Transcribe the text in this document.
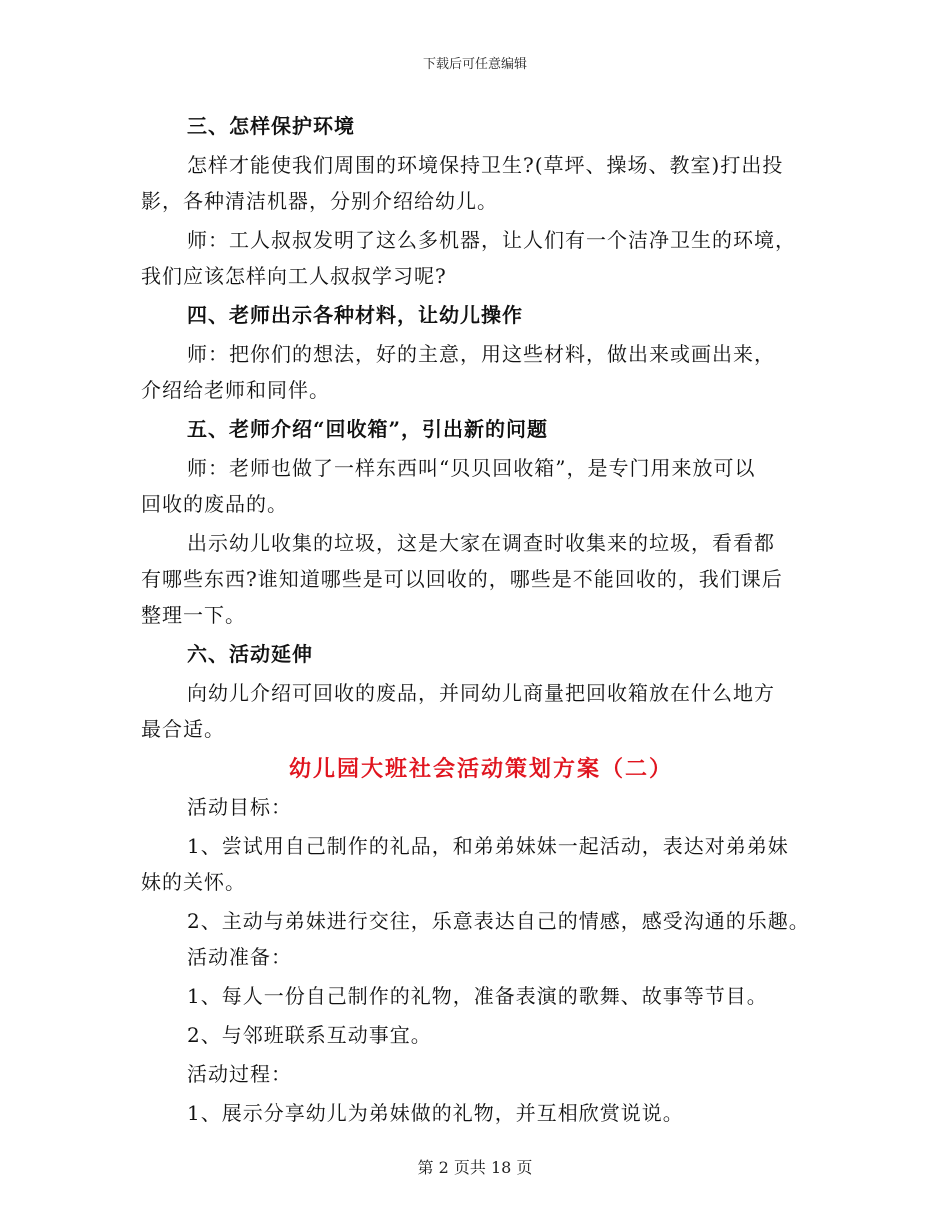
下载后可任意编辑

三、怎样保护环境

怎样才能使我们周围的环境保持卫生?(草坪、操场、教室)打出投

影，各种清洁机器，分别介绍给幼儿。

师：工人叔叔发明了这么多机器，让人们有一个洁净卫生的环境，

我们应该怎样向工人叔叔学习呢?

四、老师出示各种材料，让幼儿操作

师：把你们的想法，好的主意，用这些材料，做出来或画出来，

介绍给老师和同伴。

五、老师介绍“回收箱”，引出新的问题

师：老师也做了一样东西叫“贝贝回收箱”，是专门用来放可以

回收的废品的。

出示幼儿收集的垃圾，这是大家在调查时收集来的垃圾，看看都

有哪些东西?谁知道哪些是可以回收的，哪些是不能回收的，我们课后

整理一下。

六、活动延伸

向幼儿介绍可回收的废品，并同幼儿商量把回收箱放在什么地方

最合适。

幼儿园大班社会活动策划方案（二）

活动目标：

1、尝试用自己制作的礼品，和弟弟妹妹一起活动，表达对弟弟妹

妹的关怀。

2、主动与弟妹进行交往，乐意表达自己的情感，感受沟通的乐趣。

活动准备：

1、每人一份自己制作的礼物，准备表演的歌舞、故事等节目。

2、与邻班联系互动事宜。

活动过程：

1、展示分享幼儿为弟妹做的礼物，并互相欣赏说说。

第 2 页共 18 页
